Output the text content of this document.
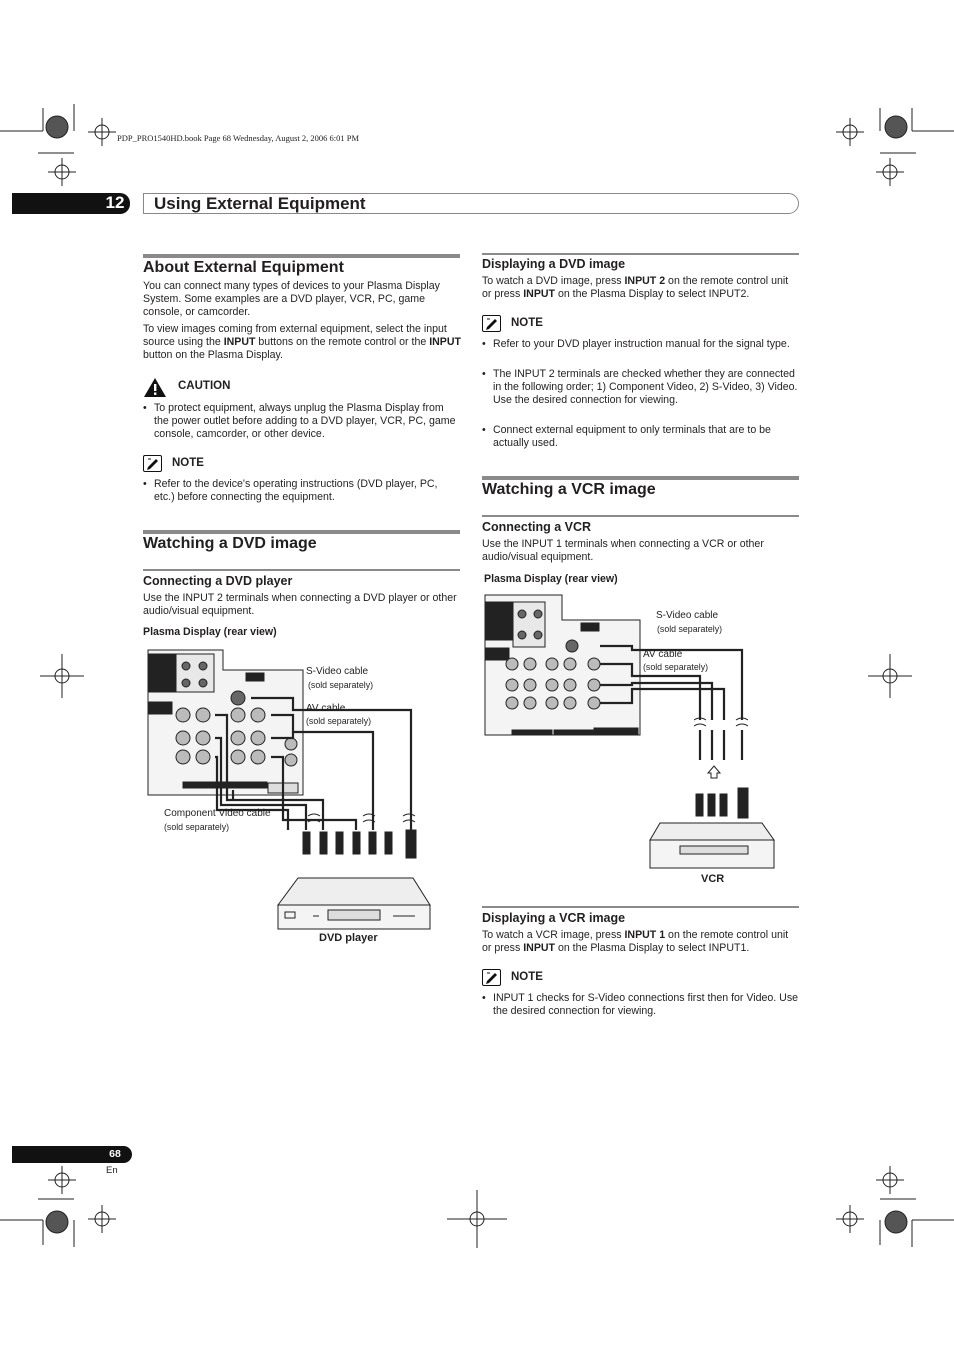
PDP_PRO1540HD.book Page 68 Wednesday, August 2, 2006 6:01 PM
12	Using External Equipment
About External Equipment
You can connect many types of devices to your Plasma Display System. Some examples are a DVD player, VCR, PC, game console, or camcorder.
To view images coming from external equipment, select the input source using the INPUT buttons on the remote control or the INPUT button on the Plasma Display.
CAUTION
• To protect equipment, always unplug the Plasma Display from the power outlet before adding to a DVD player, VCR, PC, game console, camcorder, or other device.
NOTE
• Refer to the device's operating instructions (DVD player, PC, etc.) before connecting the equipment.
Watching a DVD image
Connecting a DVD player
Use the INPUT 2 terminals when connecting a DVD player or other audio/visual equipment.
Plasma Display (rear view)
S-Video cable
(sold separately)
AV cable
(sold separately)
Component Video cable
(sold separately)
DVD player
Displaying a DVD image
To watch a DVD image, press INPUT 2 on the remote control unit or press INPUT on the Plasma Display to select INPUT2.
NOTE
• Refer to your DVD player instruction manual for the signal type.
• The INPUT 2 terminals are checked whether they are connected in the following order; 1) Component Video, 2) S-Video, 3) Video.
Use the desired connection for viewing.
• Connect external equipment to only terminals that are to be actually used.
Watching a VCR image
Connecting a VCR
Use the INPUT 1 terminals when connecting a VCR or other audio/visual equipment.
Plasma Display (rear view)
S-Video cable
(sold separately)
AV cable
(sold separately)
VCR
Displaying a VCR image
To watch a VCR image, press INPUT 1 on the remote control unit or press INPUT on the Plasma Display to select INPUT1.
NOTE
• INPUT 1 checks for S-Video connections first then for Video. Use the desired connection for viewing.
68
En
